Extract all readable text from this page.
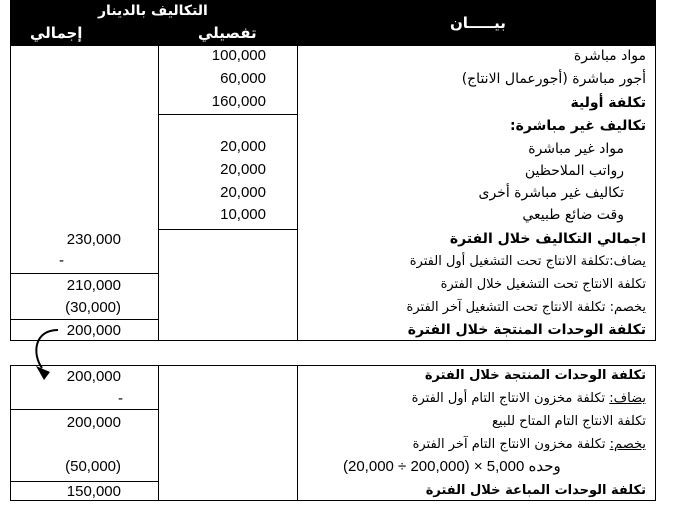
التكاليف بالدينار
إجمالي	تفصيلي
بيـــــان
مواد مباشرة
أجور مباشرة (أجورعمال الانتاج)
تكلفة أولية
تكاليف غير مباشرة:
مواد غير مباشرة
رواتب الملاحظين
تكاليف غير مباشرة أخرى
وقت ضائع طبيعي
اجمالي التكاليف خلال الفترة
يضاف:تكلفة الانتاج تحت التشغيل أول الفترة
تكلفة الانتاج تحت التشغيل خلال الفترة
يخصم: تكلفة الانتاج تحت التشغيل آخر الفترة
تكلفة الوحدات المنتجة خلال الفترة
100,000
60,000
160,000
20,000
20,000
20,000
10,000
230,000
-
210,000
(30,000)
200,000
تكلفة الوحدات المنتجة خلال الفترة
يضاف: تكلفة مخزون الانتاج التام أول الفترة
تكلفة الانتاج التام المتاح للبيع
يخصم: تكلفة مخزون الانتاج التام آخر الفترة
(20,000 ÷ 200,000) × وحده 5,000
تكلفة الوحدات المباعة خلال الفترة
200,000
-
200,000
(50,000)
150,000
